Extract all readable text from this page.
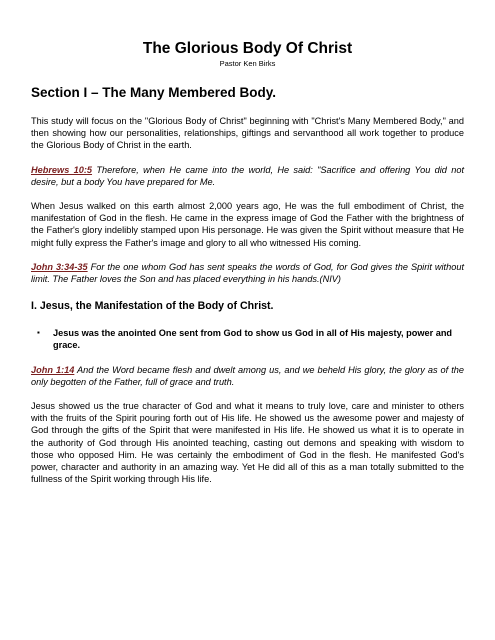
The Glorious Body Of Christ
Pastor Ken Birks
Section I – The Many Membered Body.

This study will focus on the "Glorious Body of Christ" beginning with "Christ's Many Membered Body," and then showing how our personalities, relationships, giftings and servanthood all work together to produce the Glorious Body of Christ in the earth.

Hebrews 10:5 Therefore, when He came into the world, He said: "Sacrifice and offering You did not desire, but a body You have prepared for Me.

When Jesus walked on this earth almost 2,000 years ago, He was the full embodiment of Christ, the manifestation of God in the flesh. He came in the express image of God the Father with the brightness of the Father's glory indelibly stamped upon His personage. He was given the Spirit without measure that He might fully express the Father's image and glory to all who witnessed His coming.

John 3:34-35 For the one whom God has sent speaks the words of God, for God gives the Spirit without limit. The Father loves the Son and has placed everything in his hands.(NIV)

I. Jesus, the Manifestation of the Body of Christ.
▪	Jesus was the anointed One sent from God to show us God in all of His majesty, power and grace.

John 1:14 And the Word became flesh and dwelt among us, and we beheld His glory, the glory as of the only begotten of the Father, full of grace and truth.

Jesus showed us the true character of God and what it means to truly love, care and minister to others with the fruits of the Spirit pouring forth out of His life. He showed us the awesome power and majesty of God through the gifts of the Spirit that were manifested in His life. He showed us what it is to operate in the authority of God through His anointed teaching, casting out demons and speaking with wisdom to those who opposed Him. He was certainly the embodiment of God in the flesh. He manifested God's power, character and authority in an amazing way. Yet He did all of this as a man totally submitted to the fullness of the Spirit working through His life.
